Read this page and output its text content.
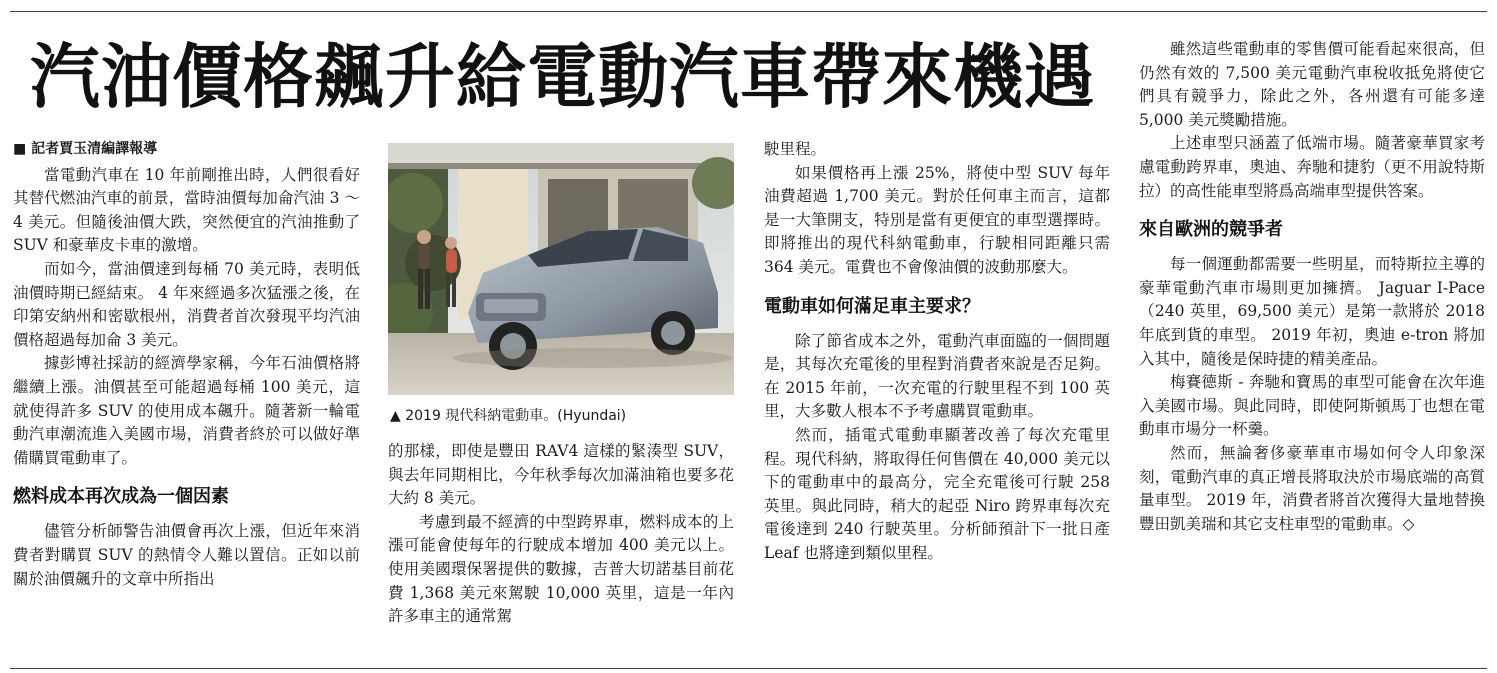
汽油價格飆升給電動汽車帶來機遇
■ 記者賈玉清編譯報導

當電動汽車在 10 年前剛推出時，人們很看好其替代燃油汽車的前景，當時油價每加侖汽油 3 ～ 4 美元。但隨後油價大跌，突然便宜的汽油推動了 SUV 和豪華皮卡車的激增。

而如今，當油價達到每桶 70 美元時，表明低油價時期已經結束。 4 年來經過多次猛漲之後，在印第安納州和密歇根州，消費者首次發現平均汽油價格超過每加侖 3 美元。

據彭博社採訪的經濟學家稱，今年石油價格將繼續上漲。油價甚至可能超過每桶 100 美元，這就使得許多 SUV 的使用成本飆升。隨著新一輪電動汽車潮流進入美國市場，消費者終於可以做好準備購買電動車了。

燃料成本再次成為一個因素

儘管分析師警告油價會再次上漲，但近年來消費者對購買 SUV 的熱情令人難以置信。正如以前關於油價飆升的文章中所指出

▲ 2019 現代科納電動車。(Hyundai)

的那樣，即使是豐田 RAV4 這樣的緊湊型 SUV，與去年同期相比，今年秋季每次加滿油箱也要多花大約 8 美元。

考慮到最不經濟的中型跨界車，燃料成本的上漲可能會使每年的行駛成本增加 400 美元以上。使用美國環保署提供的數據，吉普大切諾基目前花費 1,368 美元來駕駛 10,000 英里，這是一年內許多車主的通常駕

駛里程。

如果價格再上漲 25%，將使中型 SUV 每年油費超過 1,700 美元。對於任何車主而言，這都是一大筆開支，特別是當有更便宜的車型選擇時。即將推出的現代科納電動車，行駛相同距離只需 364 美元。電費也不會像油價的波動那麼大。

電動車如何滿足車主要求？

除了節省成本之外，電動汽車面臨的一個問題是，其每次充電後的里程對消費者來說是否足夠。在 2015 年前，一次充電的行駛里程不到 100 英里，大多數人根本不予考慮購買電動車。

然而，插電式電動車顯著改善了每次充電里程。現代科納，將取得任何售價在 40,000 美元以下的電動車中的最高分，完全充電後可行駛 258 英里。與此同時，稍大的起亞 Niro 跨界車每次充電後達到 240 行駛英里。分析師預計下一批日產 Leaf 也將達到類似里程。

雖然這些電動車的零售價可能看起來很高，但仍然有效的 7,500 美元電動汽車稅收抵免將使它們具有競爭力，除此之外，各州還有可能多達 5,000 美元獎勵措施。

上述車型只涵蓋了低端市場。隨著豪華買家考慮電動跨界車，奧迪、奔馳和捷豹（更不用說特斯拉）的高性能車型將爲高端車型提供答案。

來自歐洲的競爭者

每一個運動都需要一些明星，而特斯拉主導的豪華電動汽車市場則更加擁擠。 Jaguar I-Pace（240 英里，69,500 美元）是第一款將於 2018 年底到貨的車型。 2019 年初，奧迪 e-tron 將加入其中，隨後是保時捷的精美產品。

梅賽德斯 - 奔馳和寶馬的車型可能會在次年進入美國市場。與此同時，即使阿斯頓馬丁也想在電動車市場分一杯羹。

然而，無論奢侈豪華車市場如何令人印象深刻，電動汽車的真正增長將取決於市場底端的高質量車型。 2019 年，消費者將首次獲得大量地替換豐田凱美瑞和其它支柱車型的電動車。◇
